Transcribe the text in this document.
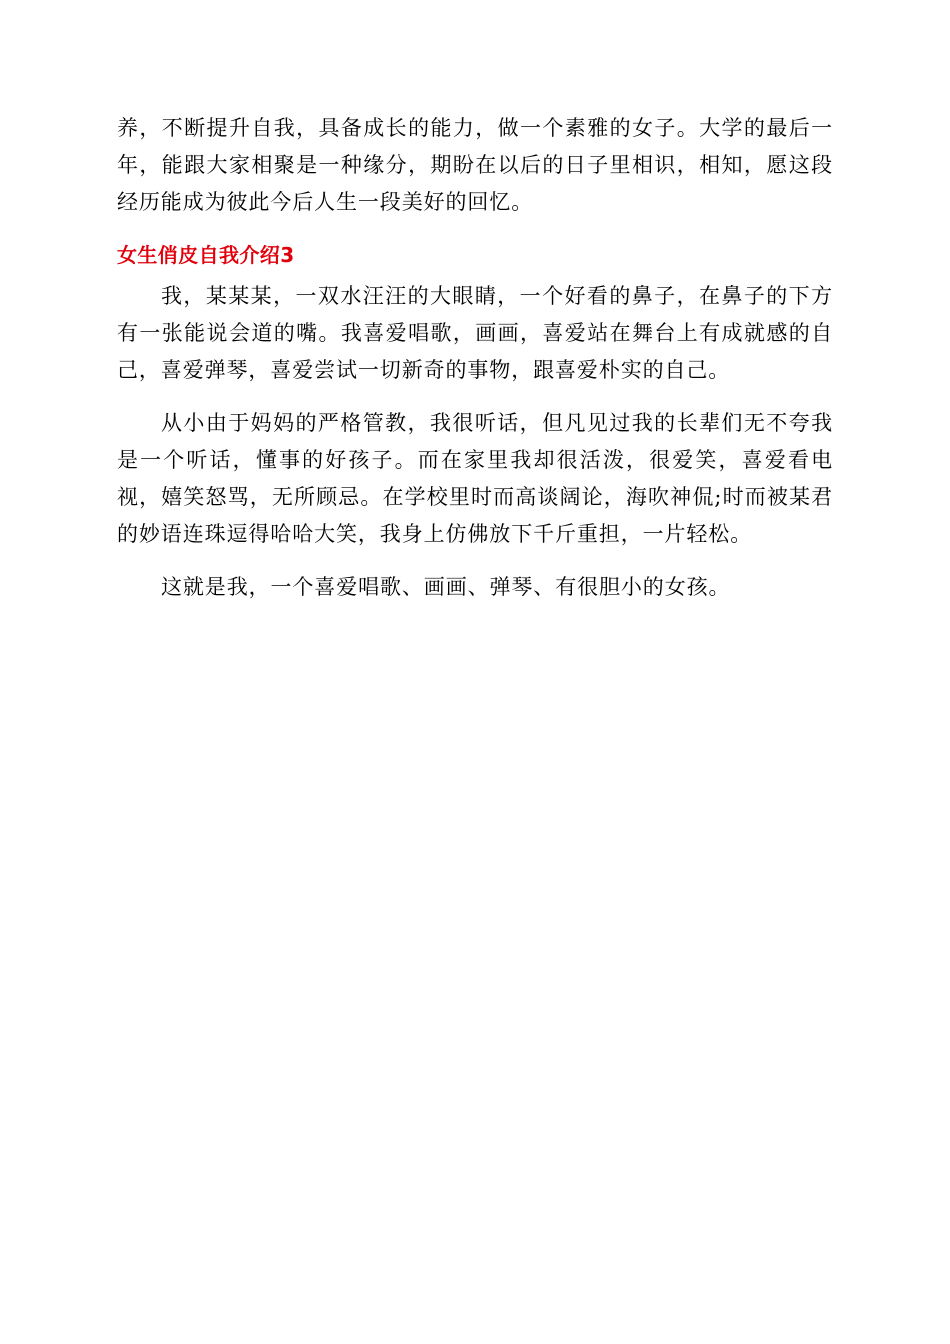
养，不断提升自我，具备成长的能力，做一个素雅的女子。大学的最后一年，能跟大家相聚是一种缘分，期盼在以后的日子里相识，相知，愿这段经历能成为彼此今后人生一段美好的回忆。

女生俏皮自我介绍3

我，某某某，一双水汪汪的大眼睛，一个好看的鼻子，在鼻子的下方有一张能说会道的嘴。我喜爱唱歌，画画，喜爱站在舞台上有成就感的自己，喜爱弹琴，喜爱尝试一切新奇的事物，跟喜爱朴实的自己。

从小由于妈妈的严格管教，我很听话，但凡见过我的长辈们无不夸我是一个听话，懂事的好孩子。而在家里我却很活泼，很爱笑，喜爱看电视，嬉笑怒骂，无所顾忌。在学校里时而高谈阔论，海吹神侃;时而被某君的妙语连珠逗得哈哈大笑，我身上仿佛放下千斤重担，一片轻松。

这就是我，一个喜爱唱歌、画画、弹琴、有很胆小的女孩。
